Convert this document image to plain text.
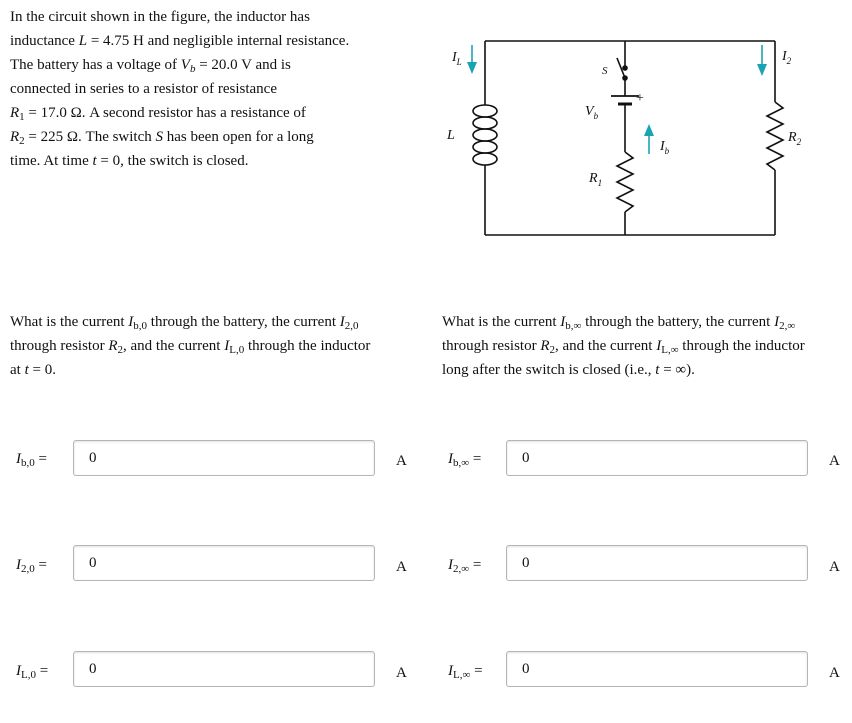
In the circuit shown in the figure, the inductor has
inductance L = 4.75 H and negligible internal resistance.
The battery has a voltage of $V_b = 20.0$ V and is
connected in series to a resistor of resistance
$R_1 = 17.0$ Ω. A second resistor has a resistance of
$R_2 = 225$ Ω. The switch S has been open for a long
time. At time t = 0, the switch is closed.
$I_L$
L
S
$V_b$
+
$I_b$
$R_1$
$I_2$
$R_2$
What is the current $I_{b,0}$ through the battery, the current $I_{2,0}$
through resistor $R_2$, and the current $I_{L,0}$ through the inductor
at t = 0.
What is the current $I_{b,\infty}$ through the battery, the current $I_{2,\infty}$
through resistor $R_2$, and the current $I_{L,\infty}$ through the inductor
long after the switch is closed (i.e., t = ∞).
$I_{b,0}$ =
0	A
$I_{2,0}$ =
0	A
$I_{L,0}$ =
0	A
$I_{b,\infty}$ =
0	A
$I_{2,\infty}$ =
0	A
$I_{L,\infty}$ =
0	A
